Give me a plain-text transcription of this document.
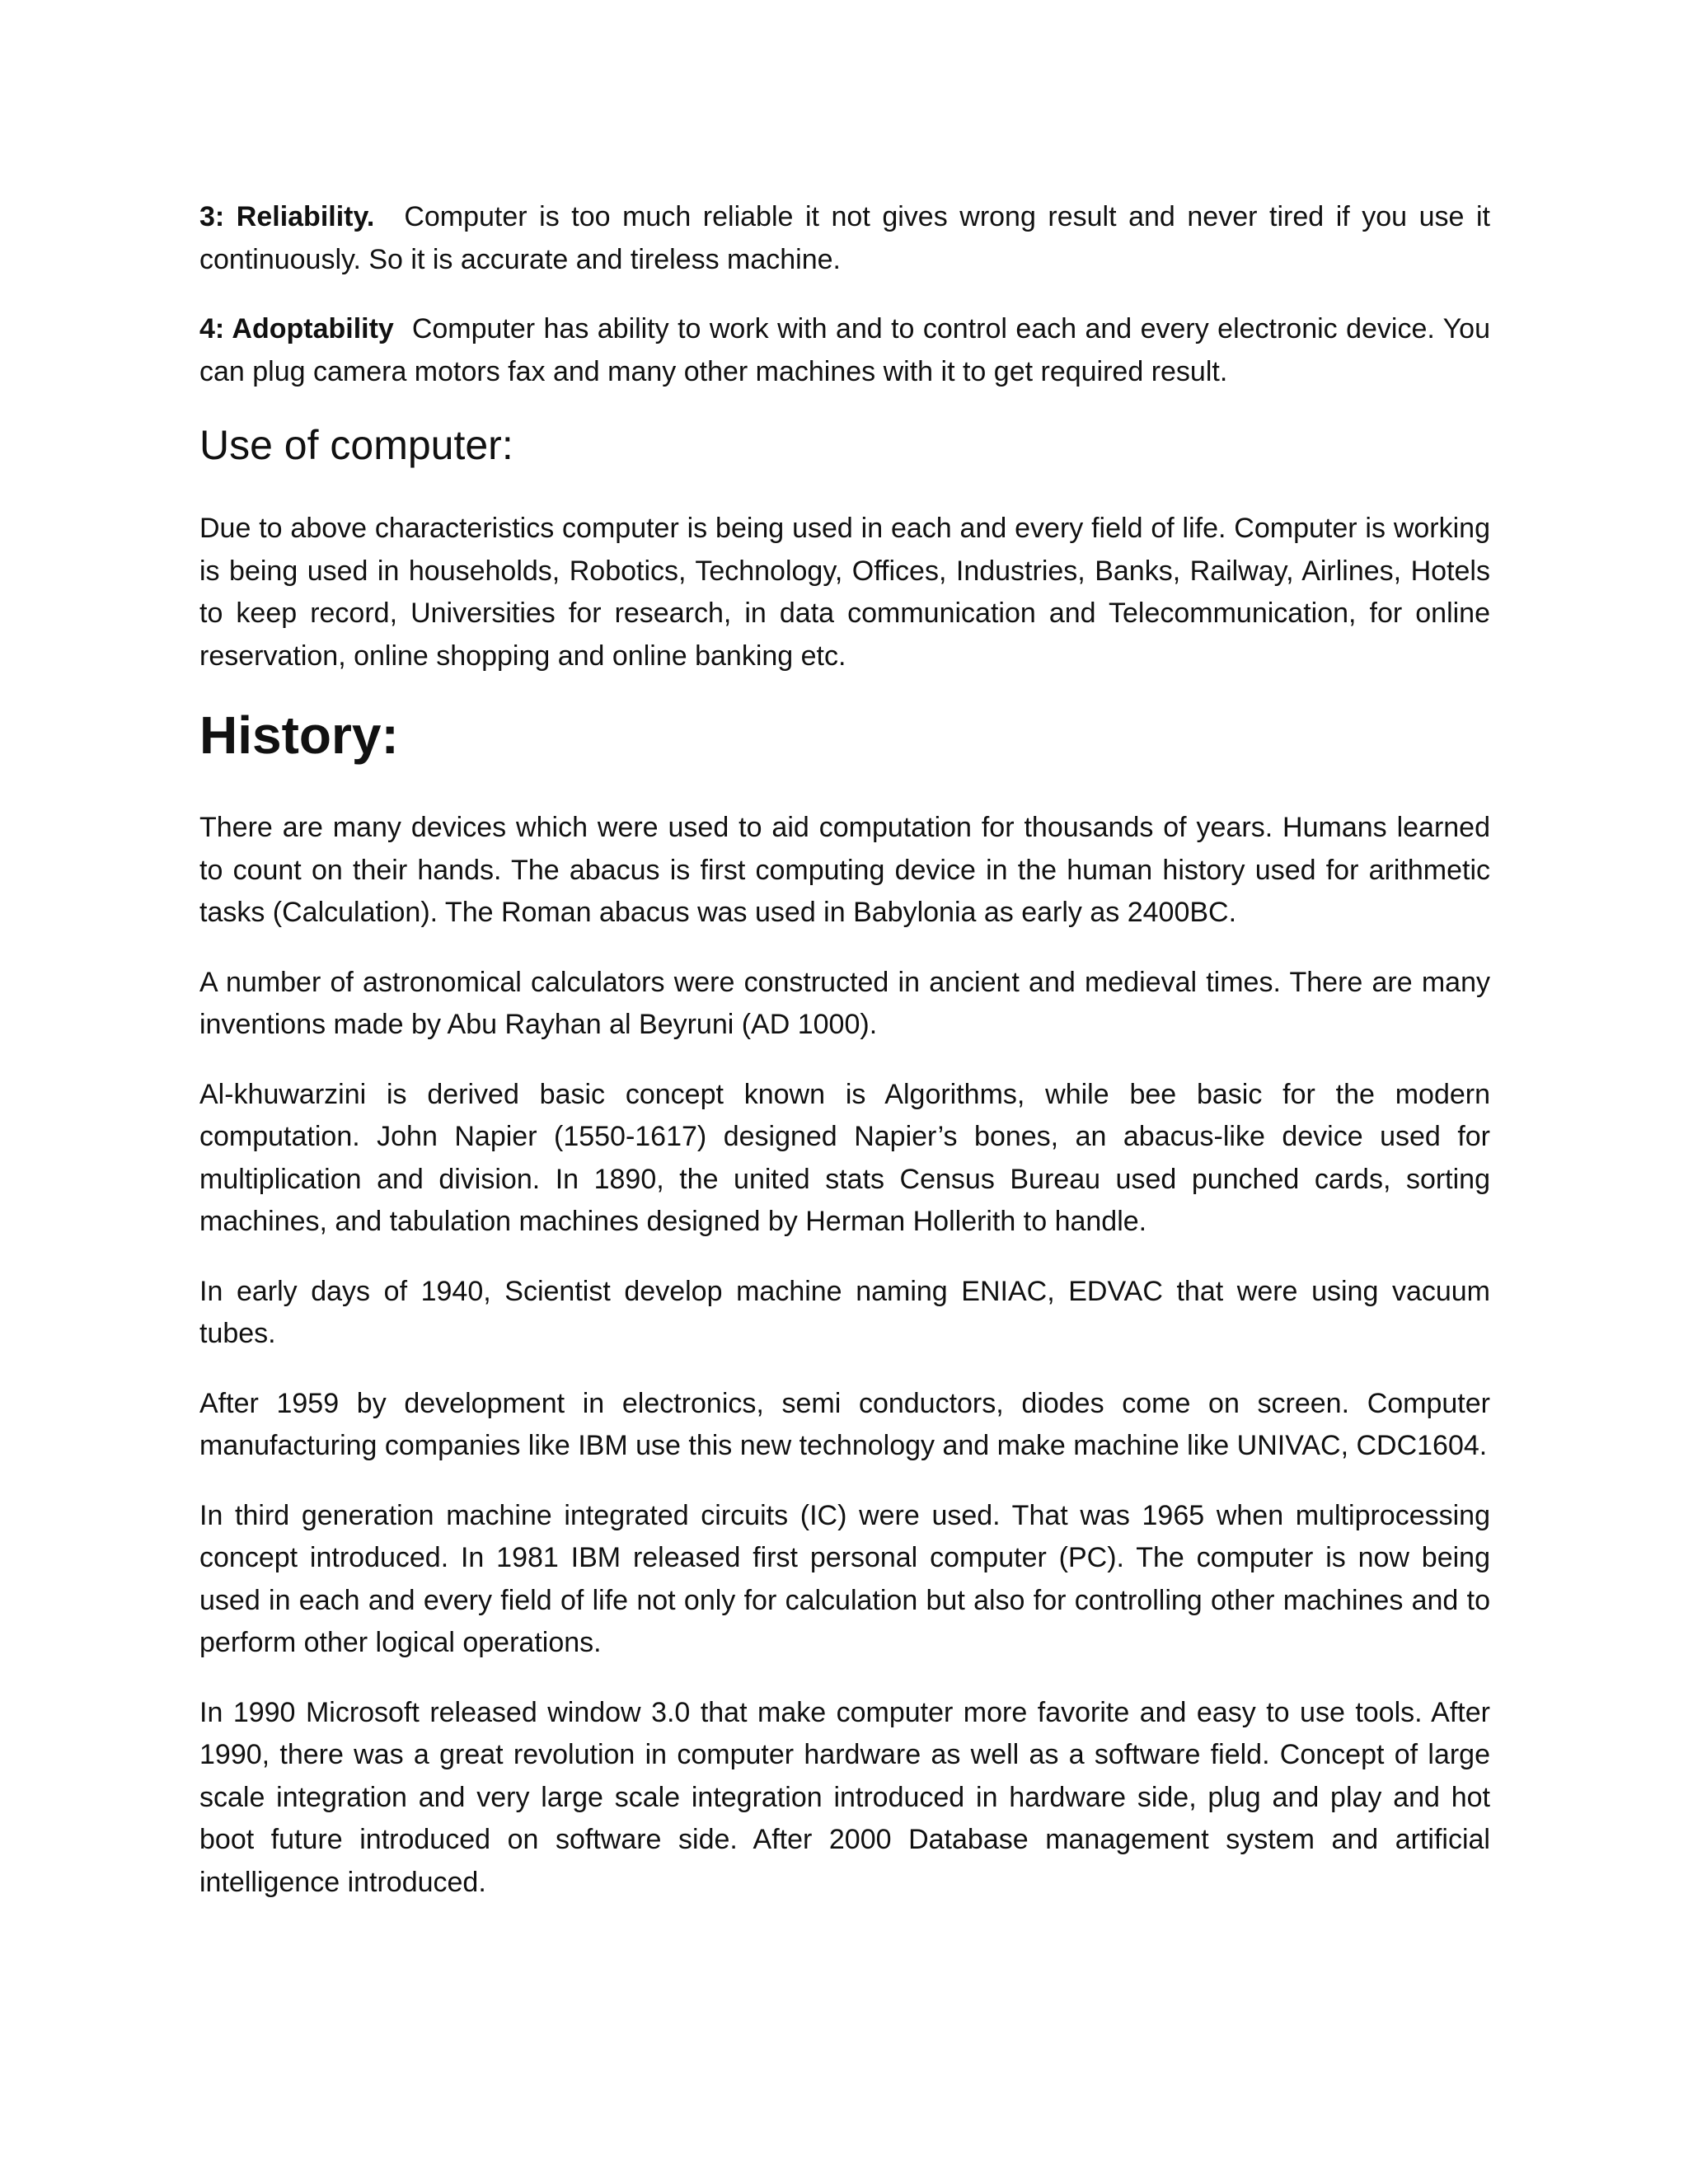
3: Reliability. Computer is too much reliable it not gives wrong result and never tired if you use it continuously. So it is accurate and tireless machine.

4: Adoptability Computer has ability to work with and to control each and every electronic device. You can plug camera motors fax and many other machines with it to get required result.

Use of computer:

Due to above characteristics computer is being used in each and every field of life. Computer is working is being used in households, Robotics, Technology, Offices, Industries, Banks, Railway, Airlines, Hotels to keep record, Universities for research, in data communication and Telecommunication, for online reservation, online shopping and online banking etc.

History:

There are many devices which were used to aid computation for thousands of years. Humans learned to count on their hands. The abacus is first computing device in the human history used for arithmetic tasks (Calculation). The Roman abacus was used in Babylonia as early as 2400BC.

A number of astronomical calculators were constructed in ancient and medieval times. There are many inventions made by Abu Rayhan al Beyruni (AD 1000).

Al-khuwarzini is derived basic concept known is Algorithms, while bee basic for the modern computation. John Napier (1550-1617) designed Napier’s bones, an abacus-like device used for multiplication and division. In 1890, the united stats Census Bureau used punched cards, sorting machines, and tabulation machines designed by Herman Hollerith to handle.

In early days of 1940, Scientist develop machine naming ENIAC, EDVAC that were using vacuum tubes.

After 1959 by development in electronics, semi conductors, diodes come on screen. Computer manufacturing companies like IBM use this new technology and make machine like UNIVAC, CDC1604.

In third generation machine integrated circuits (IC) were used. That was 1965 when multiprocessing concept introduced. In 1981 IBM released first personal computer (PC). The computer is now being used in each and every field of life not only for calculation but also for controlling other machines and to perform other logical operations.

In 1990 Microsoft released window 3.0 that make computer more favorite and easy to use tools. After 1990, there was a great revolution in computer hardware as well as a software field. Concept of large scale integration and very large scale integration introduced in hardware side, plug and play and hot boot future introduced on software side. After 2000 Database management system and artificial intelligence introduced.
